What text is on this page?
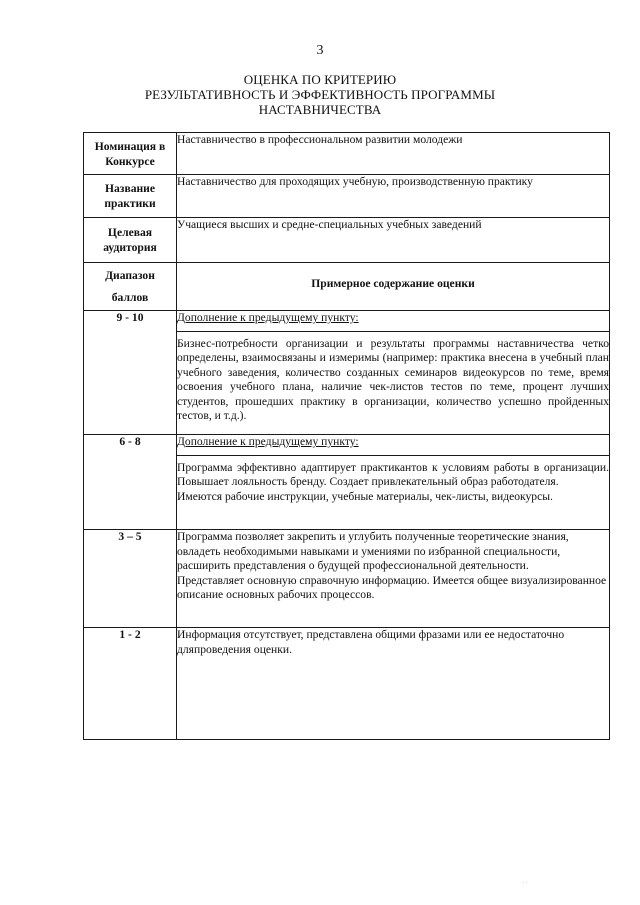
3
ОЦЕНКА ПО КРИТЕРИЮ
РЕЗУЛЬТАТИВНОСТЬ И ЭФФЕКТИВНОСТЬ ПРОГРАММЫ
НАСТАВНИЧЕСТВА
Номинация в
Конкурсе	Наставничество в профессиональном развитии молодежи

Название
практики	Наставничество для проходящих учебную, производственную практику

Целевая
аудитория	Учащиеся высших и средне-специальных учебных заведений

Диапазон
баллов	Примерное содержание оценки

9 - 10	Дополнение к предыдущему пункту:
Бизнес-потребности организации и результаты программы наставничества четко определены, взаимосвязаны и измеримы (например: практика внесена в учебный план учебного заведения, количество созданных семинаров видеокурсов по теме, время освоения учебного плана, наличие чек-листов тестов по теме, процент лучших студентов, прошедших практику в организации, количество успешно пройденных тестов, и т.д.).

6 - 8	Дополнение к предыдущему пункту:
Программа эффективно адаптирует практикантов к условиям работы в организации. Повышает лояльность бренду. Создает привлекательный образ работодателя.
Имеются рабочие инструкции, учебные материалы, чек-листы, видеокурсы.

3 – 5	Программа позволяет закрепить и углубить полученные теоретические знания, овладеть необходимыми навыками и умениями по избранной специальности, расширить представления о будущей профессиональной деятельности.
Представляет основную справочную информацию. Имеется общее визуализированное описание основных рабочих процессов.

1 - 2	Информация отсутствует, представлена общими фразами или ее недостаточно дляпроведения оценки.
· ·
